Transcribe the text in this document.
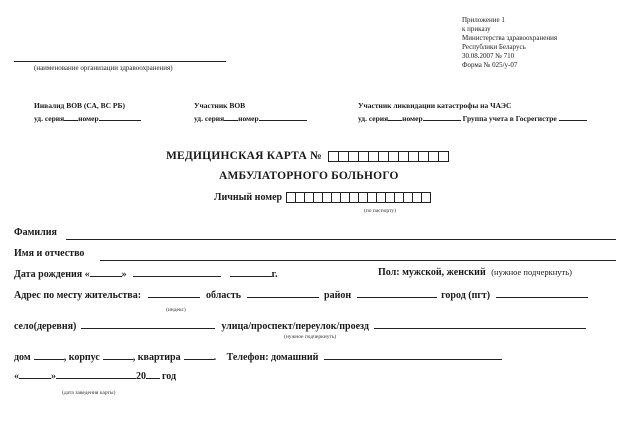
Приложение 1
к приказу
Министерства здравоохранения
Республики Беларусь
30.08.2007 № 710
Форма № 025/у-07
(наименование организации здравоохранения)
Инвалид ВОВ (СА, ВС РБ)
уд. серия номер
Участник ВОВ
уд. серия номер
Участник ликвидации катастрофы на ЧАЭС
уд. серия номер	Группа учета в Госрегистре
МЕДИЦИНСКАЯ КАРТА №
АМБУЛАТОРНОГО БОЛЬНОГО
Личный номер
(по паспорту)
Фамилия
Имя и отчество
Дата рождения «	»	г.	Пол: мужской, женский (нужное подчеркнуть)
Адрес по месту жительства:	область	район	город (пгт)
(индекс)
село(деревня)	улица/проспект/переулок/проезд
(нужное подчеркнуть)
дом	, корпус	, квартира	. Телефон: домашний
«	»	20 год
(дата заведения карты)
